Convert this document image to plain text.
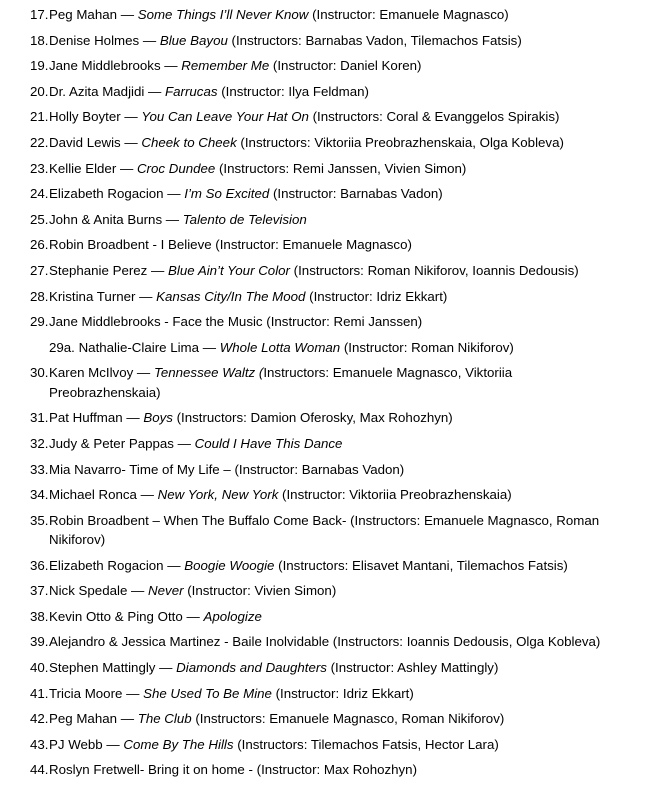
17. Peg Mahan — Some Things I’ll Never Know (Instructor: Emanuele Magnasco)
18. Denise Holmes — Blue Bayou (Instructors: Barnabas Vadon, Tilemachos Fatsis)
19. Jane Middlebrooks — Remember Me (Instructor: Daniel Koren)
20. Dr. Azita Madjidi — Farrucas (Instructor: Ilya Feldman)
21. Holly Boyter — You Can Leave Your Hat On (Instructors: Coral & Evanggelos Spirakis)
22. David Lewis — Cheek to Cheek (Instructors: Viktoriia Preobrazhenskaia, Olga Kobleva)
23. Kellie Elder — Croc Dundee (Instructors: Remi Janssen, Vivien Simon)
24. Elizabeth Rogacion — I’m So Excited (Instructor: Barnabas Vadon)
25. John & Anita Burns — Talento de Television
26. Robin Broadbent - I Believe (Instructor: Emanuele Magnasco)
27. Stephanie Perez — Blue Ain’t Your Color (Instructors: Roman Nikiforov, Ioannis Dedousis)
28. Kristina Turner — Kansas City/In The Mood (Instructor: Idriz Ekkart)
29. Jane Middlebrooks - Face the Music (Instructor: Remi Janssen)
29a. Nathalie-Claire Lima — Whole Lotta Woman (Instructor: Roman Nikiforov)
30. Karen McIlvoy — Tennessee Waltz (Instructors: Emanuele Magnasco, Viktoriia
Preobrazhenskaia)
31. Pat Huffman — Boys (Instructors: Damion Oferosky, Max Rohozhyn)
32. Judy & Peter Pappas — Could I Have This Dance
33. Mia Navarro- Time of My Life – (Instructor: Barnabas Vadon)
34. Michael Ronca — New York, New York (Instructor: Viktoriia Preobrazhenskaia)
35. Robin Broadbent – When The Buffalo Come Back- (Instructors: Emanuele Magnasco, Roman
Nikiforov)
36. Elizabeth Rogacion — Boogie Woogie (Instructors: Elisavet Mantani, Tilemachos Fatsis)
37. Nick Spedale — Never (Instructor: Vivien Simon)
38. Kevin Otto & Ping Otto — Apologize
39. Alejandro & Jessica Martinez - Baile Inolvidable (Instructors: Ioannis Dedousis, Olga Kobleva)
40. Stephen Mattingly — Diamonds and Daughters (Instructor: Ashley Mattingly)
41. Tricia Moore — She Used To Be Mine (Instructor: Idriz Ekkart)
42. Peg Mahan — The Club (Instructors: Emanuele Magnasco, Roman Nikiforov)
43. PJ Webb — Come By The Hills (Instructors: Tilemachos Fatsis, Hector Lara)
44. Roslyn Fretwell- Bring it on home - (Instructor: Max Rohozhyn)
